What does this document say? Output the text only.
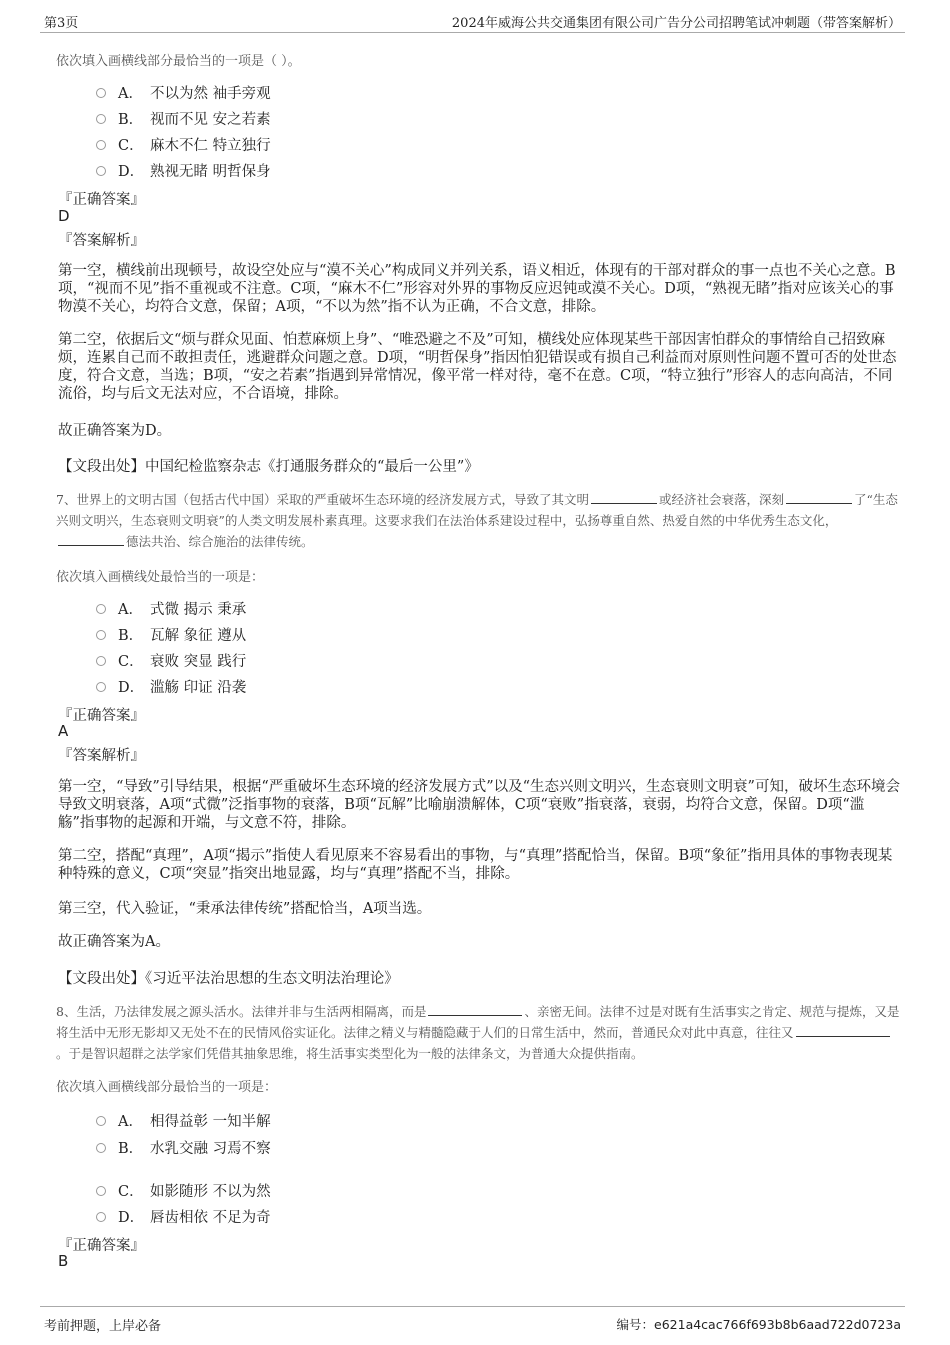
第3页	2024年威海公共交通集团有限公司广告分公司招聘笔试冲刺题（带答案解析）
依次填入画横线部分最恰当的一项是（ ）。
A． 不以为然 袖手旁观
B． 视而不见 安之若素
C． 麻木不仁 特立独行
D． 熟视无睹 明哲保身
『正确答案』
D
『答案解析』
第一空，横线前出现顿号，故设空处应与“漠不关心”构成同义并列关系，语义相近，体现有的干部对群众的事一点也不关心之意。B项，“视而不见”指不重视或不注意。C项，“麻木不仁”形容对外界的事物反应迟钝或漠不关心。D项，“熟视无睹”指对应该关心的事物漠不关心，均符合文意，保留；A项，“不以为然”指不认为正确，不合文意，排除。
第二空，依据后文“烦与群众见面、怕惹麻烦上身”、“唯恐避之不及”可知，横线处应体现某些干部因害怕群众的事情给自己招致麻烦，连累自己而不敢担责任，逃避群众问题之意。D项，“明哲保身”指因怕犯错误或有损自己利益而对原则性问题不置可否的处世态度，符合文意，当选；B项，“安之若素”指遇到异常情况，像平常一样对待，毫不在意。C项，“特立独行”形容人的志向高洁，不同流俗，均与后文无法对应，不合语境，排除。
故正确答案为D。
【文段出处】中国纪检监察杂志《打通服务群众的“最后一公里”》
7、世界上的文明古国（包括古代中国）采取的严重破坏生态环境的经济发展方式，导致了其文明	或经济社会衰落，深刻	了“生态兴则文明兴，生态衰则文明衰”的人类文明发展朴素真理。这要求我们在法治体系建设过程中，弘扬尊重自然、热爱自然的中华优秀生态文化，德法共治、综合施治的法律传统。
依次填入画横线处最恰当的一项是：
A． 式微 揭示 秉承
B． 瓦解 象征 遵从
C． 衰败 突显 践行
D． 滥觞 印证 沿袭
『正确答案』
A
『答案解析』
第一空，“导致”引导结果，根据“严重破坏生态环境的经济发展方式”以及“生态兴则文明兴，生态衰则文明衰”可知，破坏生态环境会导致文明衰落，A项“式微”泛指事物的衰落，B项“瓦解”比喻崩溃解体，C项“衰败”指衰落，衰弱，均符合文意，保留。D项“滥觞”指事物的起源和开端，与文意不符，排除。
第二空，搭配“真理”，A项“揭示”指使人看见原来不容易看出的事物，与“真理”搭配恰当，保留。B项“象征”指用具体的事物表现某种特殊的意义，C项“突显”指突出地显露，均与“真理”搭配不当，排除。
第三空，代入验证，“秉承法律传统”搭配恰当，A项当选。
故正确答案为A。
【文段出处】《习近平法治思想的生态文明法治理论》
8、生活，乃法律发展之源头活水。法律并非与生活两相隔离，而是	、亲密无间。法律不过是对既有生活事实之肯定、规范与提炼，又是将生活中无形无影却又无处不在的民情风俗实证化。法律之精义与精髓隐藏于人们的日常生活中，然而，普通民众对此中真意，往往又。于是智识超群之法学家们凭借其抽象思维，将生活事实类型化为一般的法律条文，为普通大众提供指南。
依次填入画横线部分最恰当的一项是：
A． 相得益彰 一知半解
B． 水乳交融 习焉不察
C． 如影随形 不以为然
D． 唇齿相依 不足为奇
『正确答案』
B
考前押题，上岸必备	编号：e621a4cac766f693b8b6aad722d0723a
